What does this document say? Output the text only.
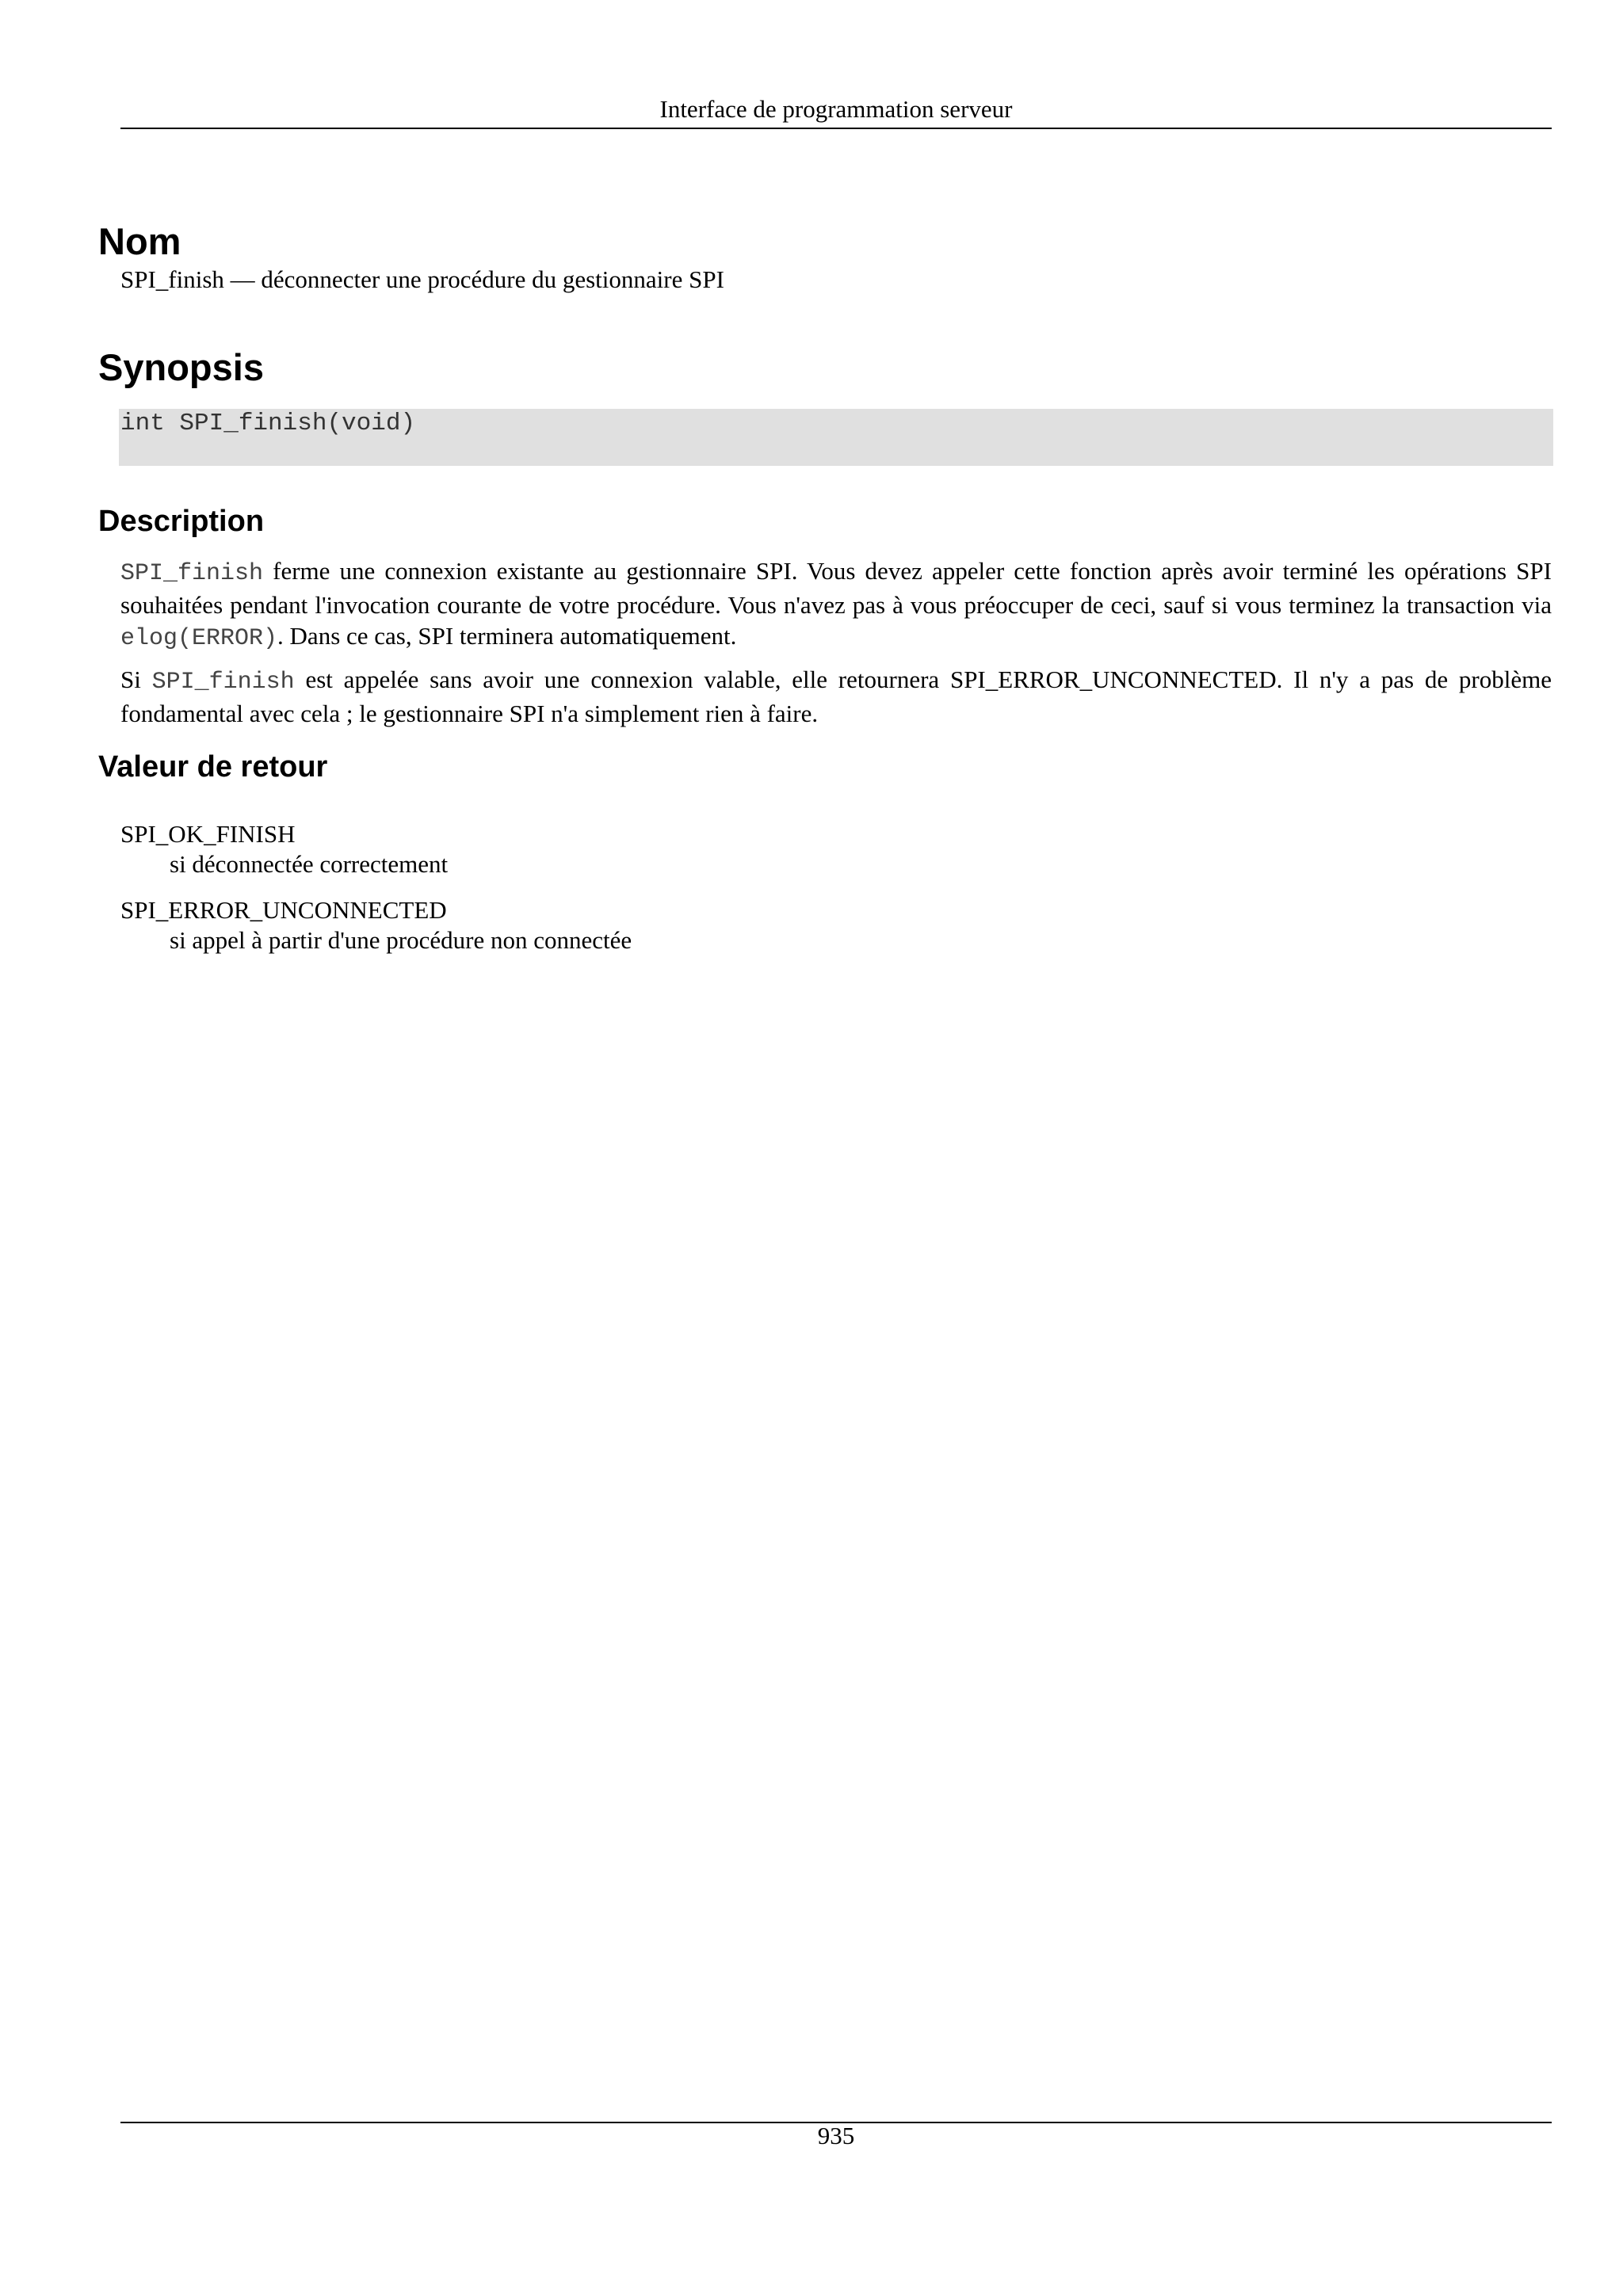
Interface de programmation serveur
Nom

SPI_finish — déconnecter une procédure du gestionnaire SPI

Synopsis
int SPI_finish(void)
Description

SPI_finish ferme une connexion existante au gestionnaire SPI. Vous devez appeler cette fonction après avoir terminé les opérations SPI souhaitées pendant l'invocation courante de votre procédure. Vous n'avez pas à vous préoccuper de ceci, sauf si vous terminez la transaction via elog(ERROR). Dans ce cas, SPI terminera automatiquement.

Si SPI_finish est appelée sans avoir une connexion valable, elle retournera SPI_ERROR_UNCONNECTED. Il n'y a pas de problème fondamental avec cela ; le gestionnaire SPI n'a simplement rien à faire.

Valeur de retour
SPI_OK_FINISH
si déconnectée correctement
SPI_ERROR_UNCONNECTED
si appel à partir d'une procédure non connectée
935
